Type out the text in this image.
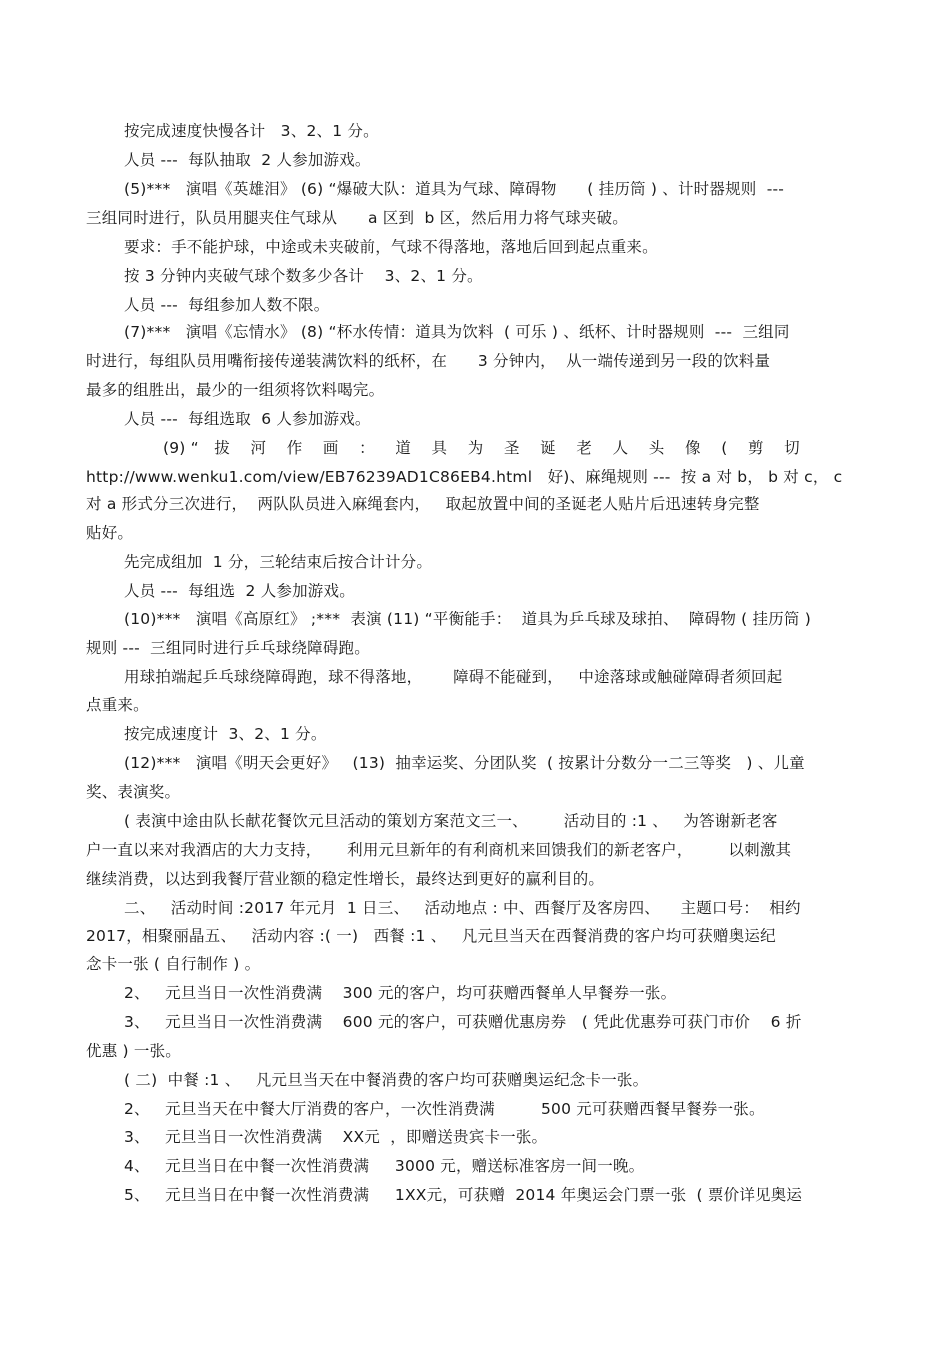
按完成速度快慢各计   3、2、1 分。
人员 ---  每队抽取  2 人参加游戏。
(5)***   演唱《英雄泪》 (6) “爆破大队：道具为气球、障碍物      ( 挂历筒 ) 、计时器规则  ---
三组同时进行，队员用腿夹住气球从      a 区到  b 区，然后用力将气球夹破。
要求：手不能护球，中途或未夹破前，气球不得落地，落地后回到起点重来。
按 3 分钟内夹破气球个数多少各计    3、2、1 分。
人员 ---  每组参加人数不限。
(7)***   演唱《忘情水》 (8) “杯水传情：道具为饮料  ( 可乐 ) 、纸杯、计时器规则  ---  三组同
时进行，每组队员用嘴衔接传递装满饮料的纸杯，在      3 分钟内，  从一端传递到另一段的饮料量
最多的组胜出，最少的一组须将饮料喝完。
人员 ---  每组选取  6 人参加游戏。
(9) “   拔    河    作    画    ：    道    具    为    圣    诞    老    人    头    像    (    剪    切
http://www.wenku1.com/view/EB76239AD1C86EB4.html   好)、麻绳规则 ---  按 a 对 b， b 对 c， c
对 a 形式分三次进行，  两队队员进入麻绳套内，   取起放置中间的圣诞老人贴片后迅速转身完整
贴好。
先完成组加  1 分，三轮结束后按合计计分。
人员 ---  每组选  2 人参加游戏。
(10)***   演唱《高原红》 ;***  表演 (11) “平衡能手：  道具为乒乓球及球拍、  障碍物 ( 挂历筒 )
规则 ---  三组同时进行乒乓球绕障碍跑。
用球拍端起乒乓球绕障碍跑，球不得落地，      障碍不能碰到，   中途落球或触碰障碍者须回起
点重来。
按完成速度计  3、2、1 分。
(12)***   演唱《明天会更好》   (13)  抽幸运奖、分团队奖  ( 按累计分数分一二三等奖   ) 、儿童
奖、表演奖。
( 表演中途由队长献花餐饮元旦活动的策划方案范文三一、       活动目的 :1 、   为答谢新老客
户一直以来对我酒店的大力支持，     利用元旦新年的有利商机来回馈我们的新老客户，       以刺激其
继续消费，以达到我餐厅营业额的稳定性增长，最终达到更好的赢利目的。
二、   活动时间 :2017 年元月  1 日三、   活动地点 : 中、西餐厅及客房四、    主题口号：  相约
2017，相聚丽晶五、   活动内容 :( 一)   西餐 :1 、   凡元旦当天在西餐消费的客户均可获赠奥运纪
念卡一张 ( 自行制作 ) 。
2、   元旦当日一次性消费满    300 元的客户，均可获赠西餐单人早餐券一张。
3、   元旦当日一次性消费满    600 元的客户，可获赠优惠房券   ( 凭此优惠券可获门市价    6 折
优惠 ) 一张。
( 二)  中餐 :1 、   凡元旦当天在中餐消费的客户均可获赠奥运纪念卡一张。
2、   元旦当天在中餐大厅消费的客户，一次性消费满         500 元可获赠西餐早餐券一张。
3、   元旦当日一次性消费满    XX元  ，即赠送贵宾卡一张。
4、   元旦当日在中餐一次性消费满     3000 元，赠送标准客房一间一晚。
5、   元旦当日在中餐一次性消费满     1XX元，可获赠  2014 年奥运会门票一张  ( 票价详见奥运
